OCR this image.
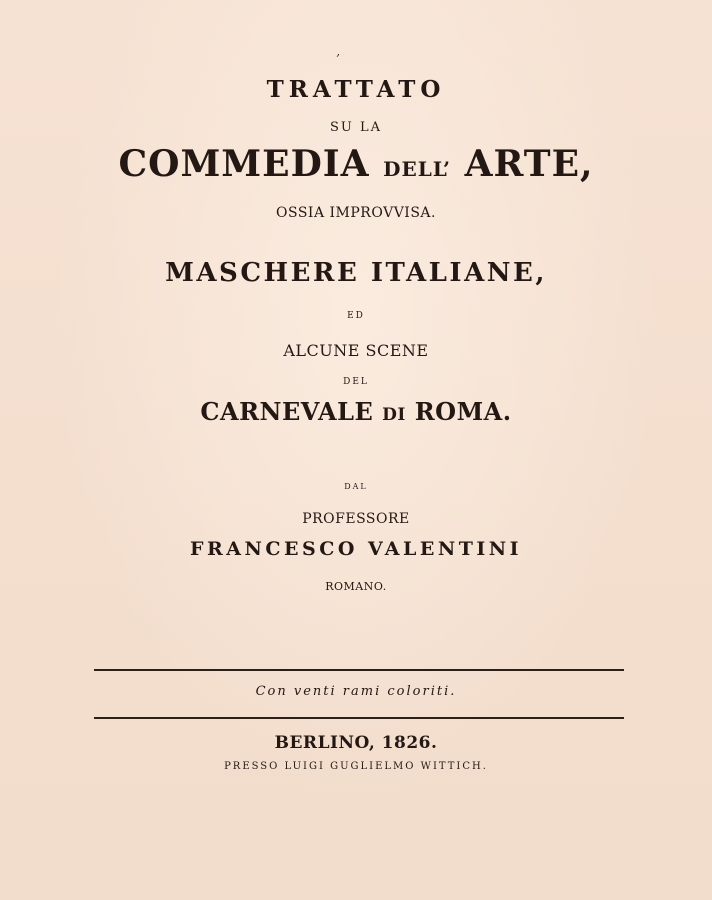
’
TRATTATO
SU LA
COMMEDIA DELL’ ARTE,
OSSIA IMPROVVISA.
MASCHERE ITALIANE,
ED
ALCUNE SCENE
DEL
CARNEVALE DI ROMA.
DAL
PROFESSORE
FRANCESCO VALENTINI
ROMANO.
Con venti rami coloriti.
BERLINO, 1826.
PRESSO LUIGI GUGLIELMO WITTICH.
